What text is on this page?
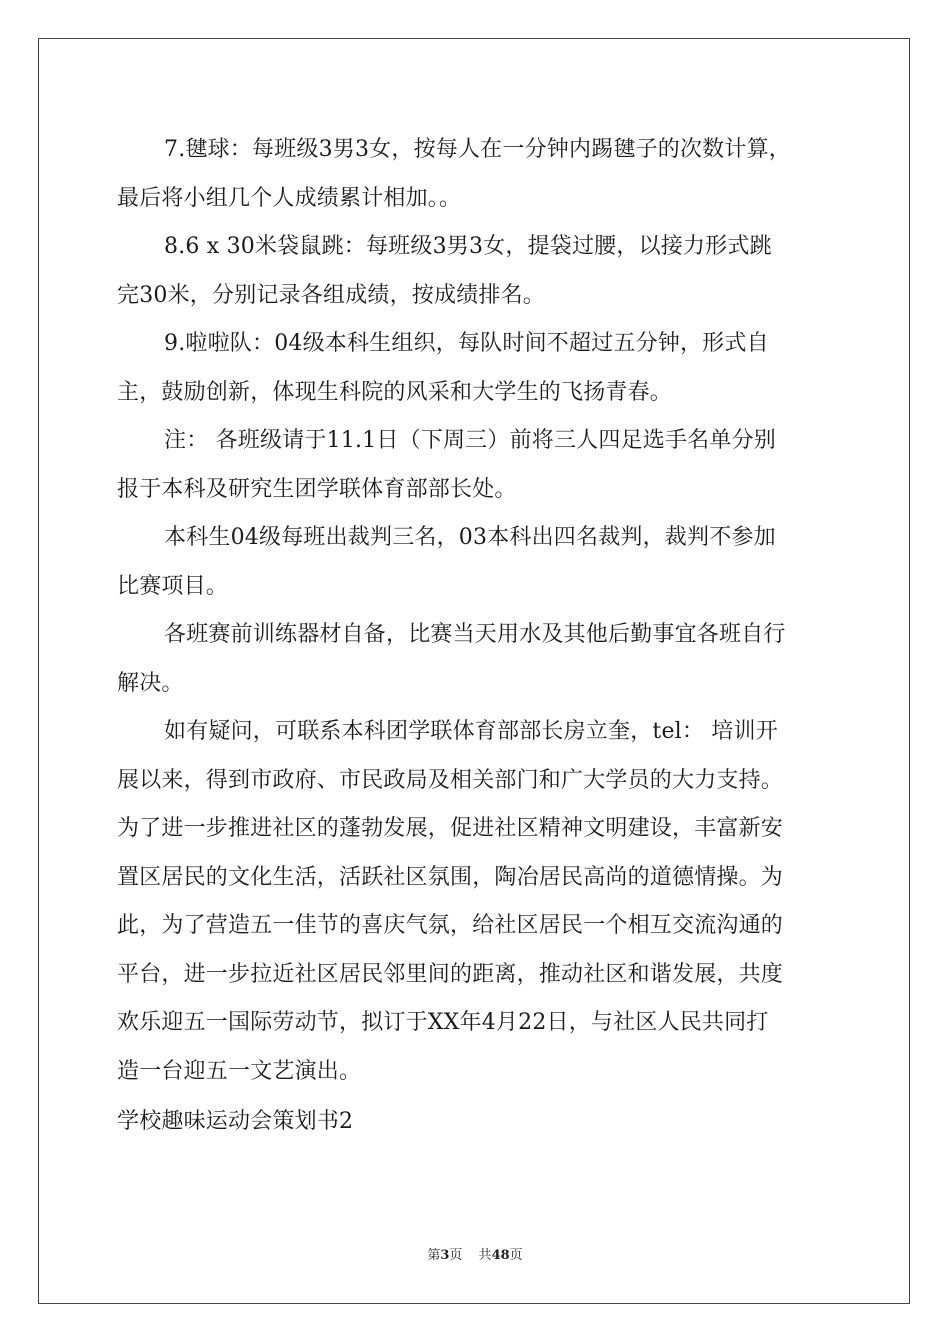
7.毽球：每班级3男3女，按每人在一分钟内踢毽子的次数计算，
最后将小组几个人成绩累计相加。。
8.6 x 30米袋鼠跳：每班级3男3女，提袋过腰，以接力形式跳
完30米，分别记录各组成绩，按成绩排名。
9.啦啦队：04级本科生组织，每队时间不超过五分钟，形式自
主，鼓励创新，体现生科院的风采和大学生的飞扬青春。
注： 各班级请于11.1日（下周三）前将三人四足选手名单分别
报于本科及研究生团学联体育部部长处。
本科生04级每班出裁判三名，03本科出四名裁判，裁判不参加
比赛项目。
各班赛前训练器材自备，比赛当天用水及其他后勤事宜各班自行
解决。
如有疑问，可联系本科团学联体育部部长房立奎，tel： 培训开
展以来，得到市政府、市民政局及相关部门和广大学员的大力支持。
为了进一步推进社区的蓬勃发展，促进社区精神文明建设，丰富新安
置区居民的文化生活，活跃社区氛围，陶冶居民高尚的道德情操。为
此，为了营造五一佳节的喜庆气氛，给社区居民一个相互交流沟通的
平台，进一步拉近社区居民邻里间的距离，推动社区和谐发展，共度
欢乐迎五一国际劳动节，拟订于XX年4月22日，与社区人民共同打
造一台迎五一文艺演出。
学校趣味运动会策划书2
第3页 共48页
